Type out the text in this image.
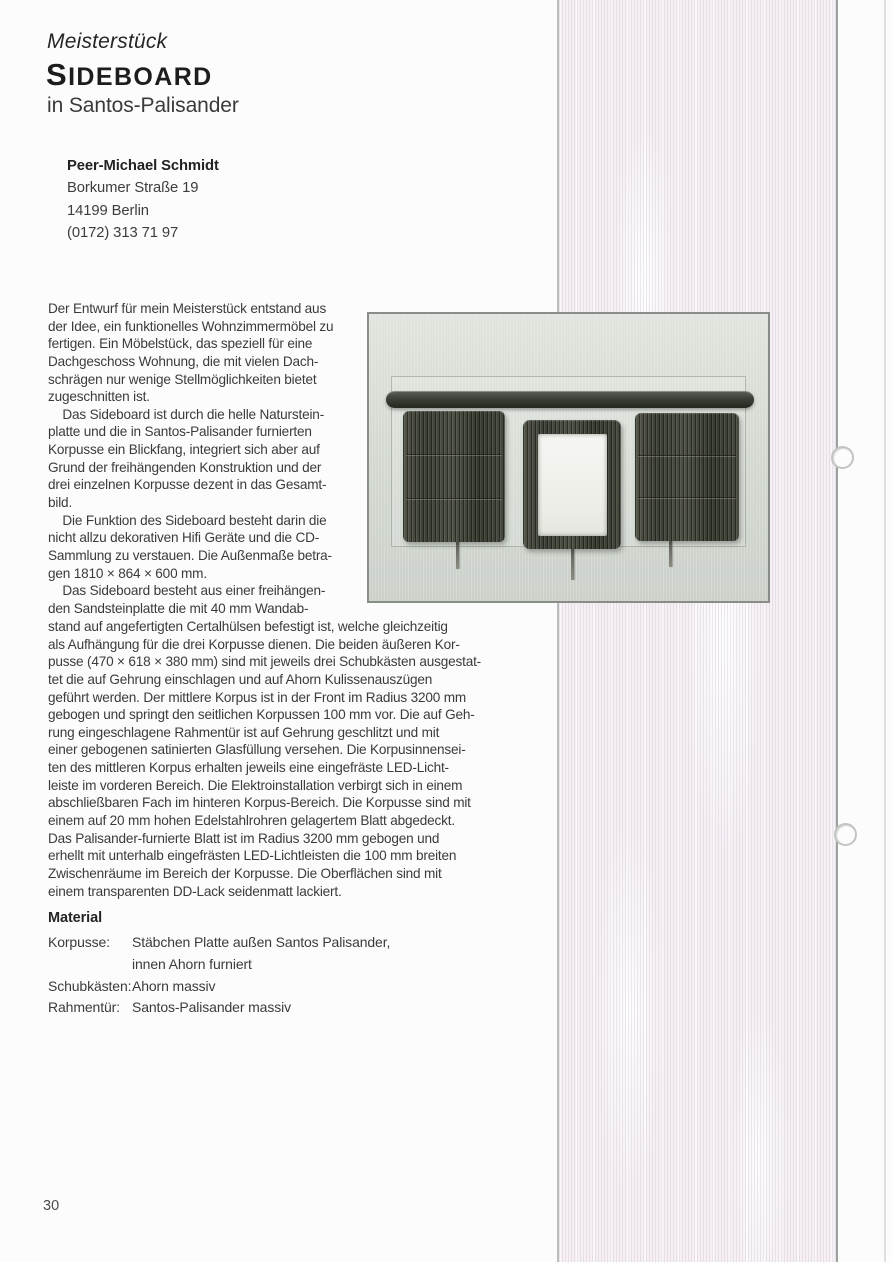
Meisterstück
SIDEBOARD
in Santos-Palisander
Peer-Michael Schmidt
Borkumer Straße 19
14199 Berlin
(0172) 313 71 97
Der Entwurf für mein Meisterstück entstand aus
der Idee, ein funktionelles Wohnzimmermöbel zu
fertigen. Ein Möbelstück, das speziell für eine
Dachgeschoss Wohnung, die mit vielen Dach-
schrägen nur wenige Stellmöglichkeiten bietet
zugeschnitten ist.
Das Sideboard ist durch die helle Naturstein-
platte und die in Santos-Palisander furnierten
Korpusse ein Blickfang, integriert sich aber auf
Grund der freihängenden Konstruktion und der
drei einzelnen Korpusse dezent in das Gesamt-
bild.
Die Funktion des Sideboard besteht darin die
nicht allzu dekorativen Hifi Geräte und die CD-
Sammlung zu verstauen. Die Außenmaße betra-
gen 1810 × 864 × 600 mm.
Das Sideboard besteht aus einer freihängen-
den Sandsteinplatte die mit 40 mm Wandab-
stand auf angefertigten Certalhülsen befestigt ist, welche gleichzeitig
als Aufhängung für die drei Korpusse dienen. Die beiden äußeren Kor-
pusse (470 × 618 × 380 mm) sind mit jeweils drei Schubkästen ausgestat-
tet die auf Gehrung einschlagen und auf Ahorn Kulissenauszügen
geführt werden. Der mittlere Korpus ist in der Front im Radius 3200 mm
gebogen und springt den seitlichen Korpussen 100 mm vor. Die auf Geh-
rung eingeschlagene Rahmentür ist auf Gehrung geschlitzt und mit
einer gebogenen satinierten Glasfüllung versehen. Die Korpusinnensei-
ten des mittleren Korpus erhalten jeweils eine eingefräste LED-Licht-
leiste im vorderen Bereich. Die Elektroinstallation verbirgt sich in einem
abschließbaren Fach im hinteren Korpus-Bereich. Die Korpusse sind mit
einem auf 20 mm hohen Edelstahlrohren gelagertem Blatt abgedeckt.
Das Palisander-furnierte Blatt ist im Radius 3200 mm gebogen und
erhellt mit unterhalb eingefrästen LED-Lichtleisten die 100 mm breiten
Zwischenräume im Bereich der Korpusse. Die Oberflächen sind mit
einem transparenten DD-Lack seidenmatt lackiert.
Material
Korpusse:	Stäbchen Platte außen Santos Palisander,
innen Ahorn furniert
Schubkästen: Ahorn massiv
Rahmentür: Santos-Palisander massiv
30
